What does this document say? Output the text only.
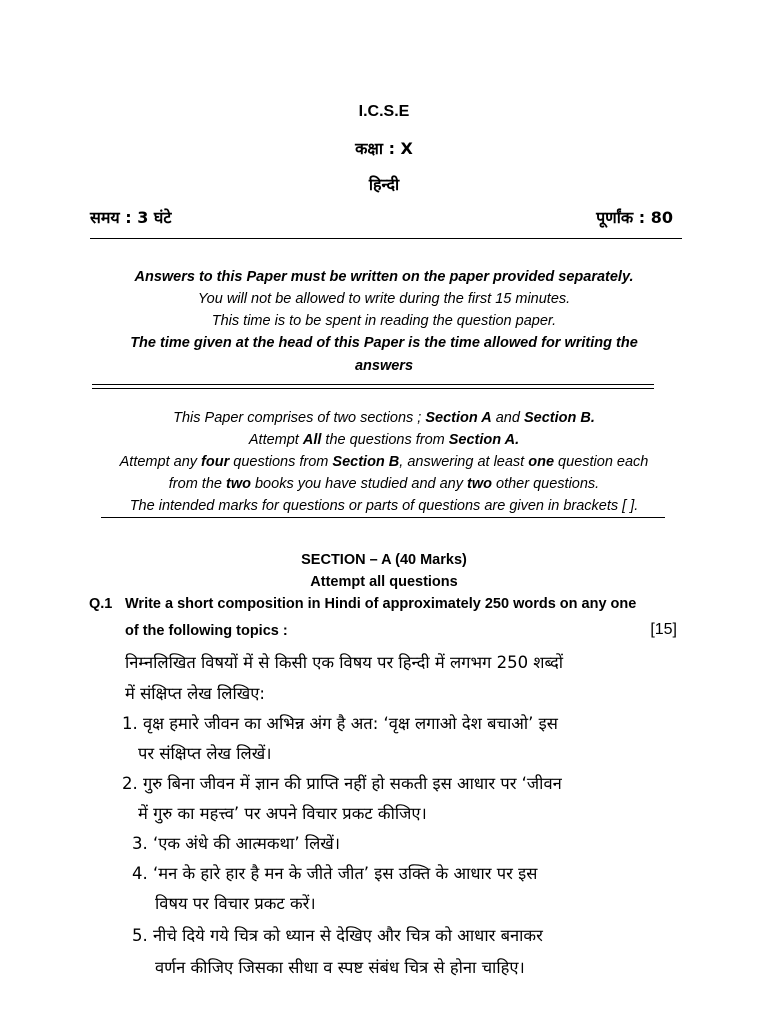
I.C.S.E
कक्षा : X
हिन्दी
समय : 3 घंटे	पूर्णांक : 80
Answers to this Paper must be written on the paper provided separately.
You will not be allowed to write during the first 15 minutes.
This time is to be spent in reading the question paper.
The time given at the head of this Paper is the time allowed for writing the
answers
This Paper comprises of two sections ; Section A and Section B.
Attempt All the questions from Section A.
Attempt any four questions from Section B, answering at least one question each
from the two books you have studied and any two other questions.
The intended marks for questions or parts of questions are given in brackets [ ].
SECTION – A (40 Marks)
Attempt all questions
Q.1 Write a short composition in Hindi of approximately 250 words on any one
of the following topics :	[15]
निम्नलिखित विषयों में से किसी एक विषय पर हिन्दी में लगभग 250 शब्दों
में संक्षिप्त लेख लिखिए:
1. वृक्ष हमारे जीवन का अभिन्न अंग है अत: ‘वृक्ष लगाओ देश बचाओ’ इस
पर संक्षिप्त लेख लिखें।
2. गुरु बिना जीवन में ज्ञान की प्राप्ति नहीं हो सकती इस आधार पर ‘जीवन
में गुरु का महत्त्व’ पर अपने विचार प्रकट कीजिए।
3. ‘एक अंधे की आत्मकथा’ लिखें।
4. ‘मन के हारे हार है मन के जीते जीत’ इस उक्ति के आधार पर इस
विषय पर विचार प्रकट करें।
5. नीचे दिये गये चित्र को ध्यान से देखिए और चित्र को आधार बनाकर
वर्णन कीजिए जिसका सीधा व स्पष्ट संबंध चित्र से होना चाहिए।
